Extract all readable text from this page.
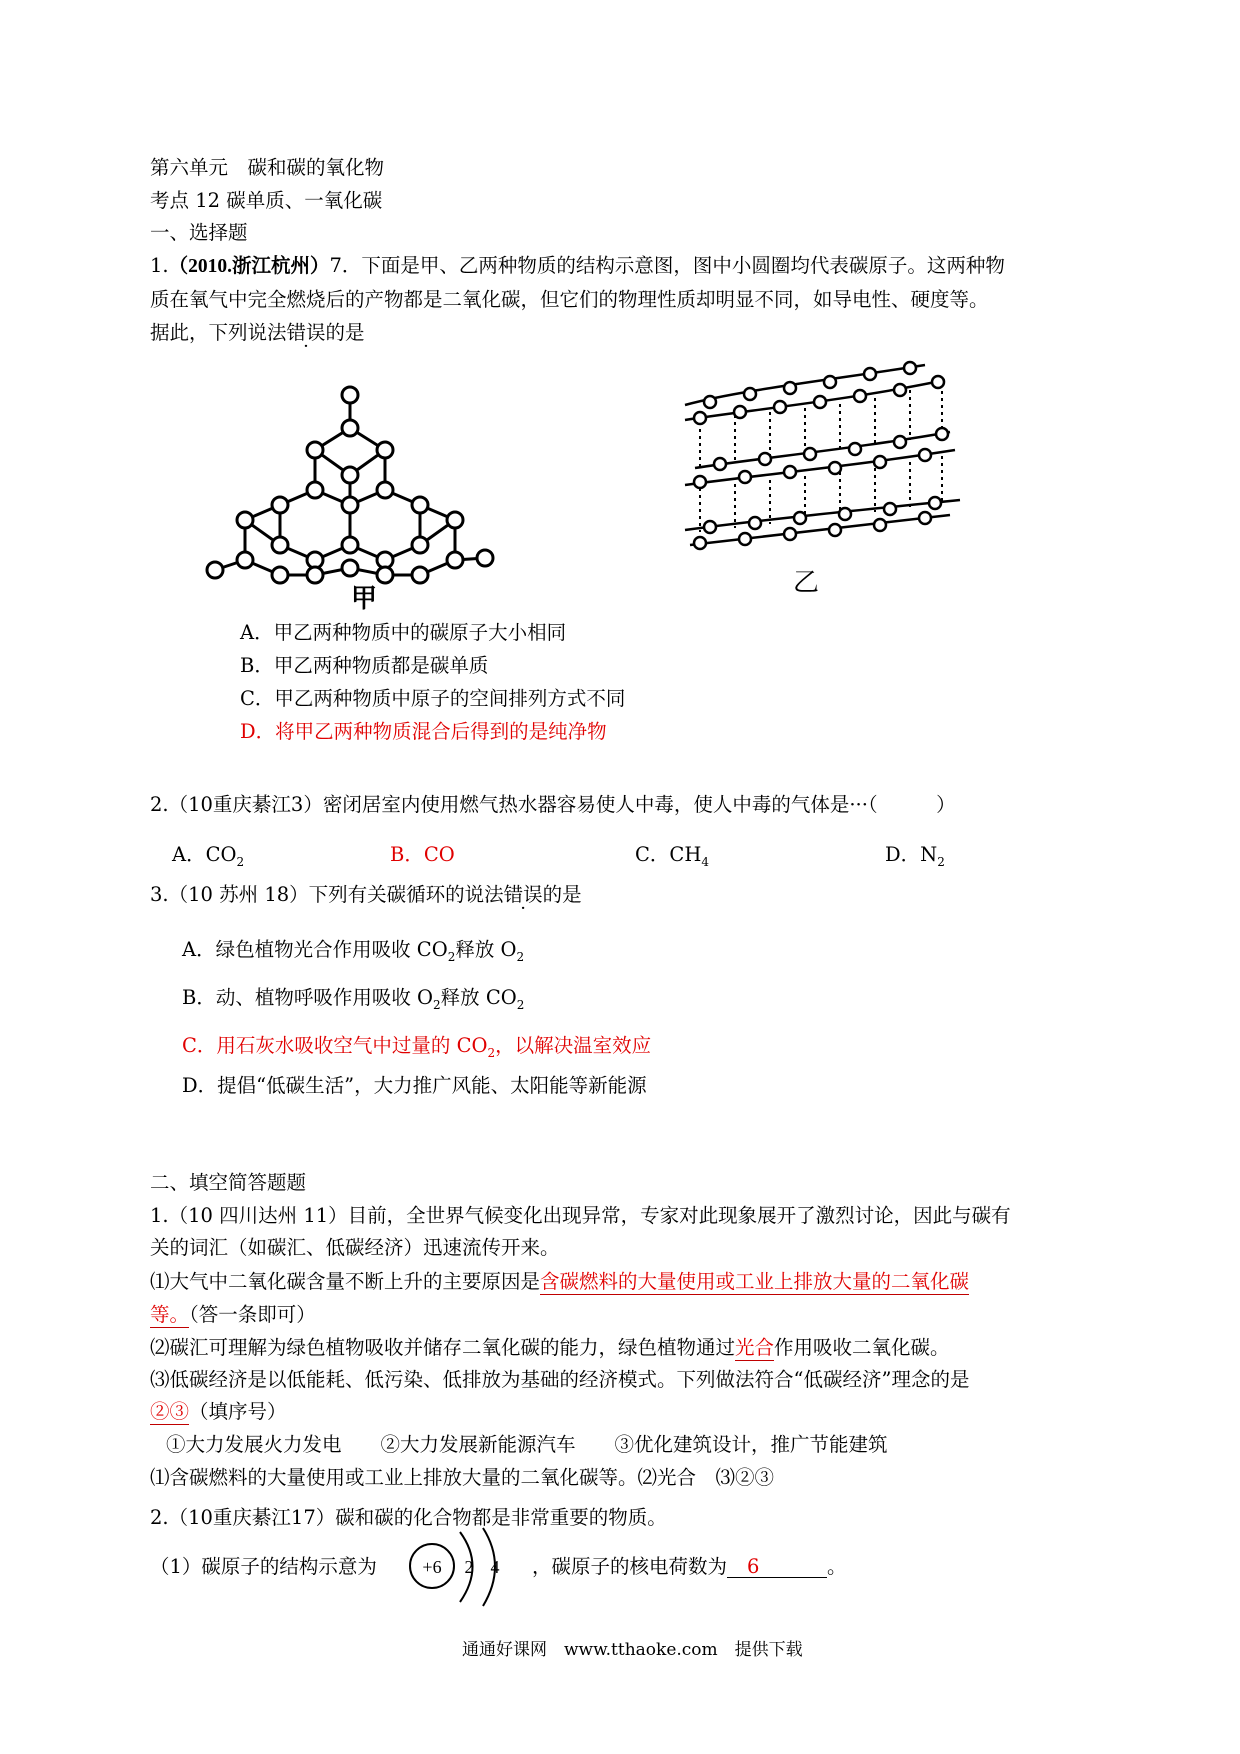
第六单元　碳和碳的氧化物
考点 12 碳单质、一氧化碳
一、选择题
1.（2010.浙江杭州）7．下面是甲、乙两种物质的结构示意图，图中小圆圈均代表碳原子。这两种物
质在氧气中完全燃烧后的产物都是二氧化碳，但它们的物理性质却明显不同，如导电性、硬度等。
据此，下列说法错误的是
甲
乙
A．甲乙两种物质中的碳原子大小相同
B．甲乙两种物质都是碳单质
C．甲乙两种物质中原子的空间排列方式不同
D．将甲乙两种物质混合后得到的是纯净物
2.（10重庆綦江3）密闭居室内使用燃气热水器容易使人中毒，使人中毒的气体是···（　　　）
A．$CO_2$	B．CO	C．$CH_4$	D．$N_2$
3.（10 苏州 18）下列有关碳循环的说法错误的是
A．绿色植物光合作用吸收 $CO_2$释放 $O_2$
B．动、植物呼吸作用吸收 $O_2$释放 $CO_2$
C．用石灰水吸收空气中过量的 $CO_2$，以解决温室效应
D．提倡“低碳生活”，大力推广风能、太阳能等新能源
二、填空简答题题
1.（10 四川达州 11）目前，全世界气候变化出现异常，专家对此现象展开了激烈讨论，因此与碳有
关的词汇（如碳汇、低碳经济）迅速流传开来。
⑴大气中二氧化碳含量不断上升的主要原因是含碳燃料的大量使用或工业上排放大量的二氧化碳
等。（答一条即可）
⑵碳汇可理解为绿色植物吸收并储存二氧化碳的能力，绿色植物通过光合作用吸收二氧化碳。
⑶低碳经济是以低能耗、低污染、低排放为基础的经济模式。下列做法符合“低碳经济”理念的是
②③（填序号）
①大力发展火力发电　　②大力发展新能源汽车　　③优化建筑设计，推广节能建筑
⑴含碳燃料的大量使用或工业上排放大量的二氧化碳等。⑵光合　⑶②③
2.（10重庆綦江17）碳和碳的化合物都是非常重要的物质。
（1）碳原子的结构示意为	+6 2 4 ，碳原子的核电荷数为 6	。
通通好课网　www.tthaoke.com　提供下载
